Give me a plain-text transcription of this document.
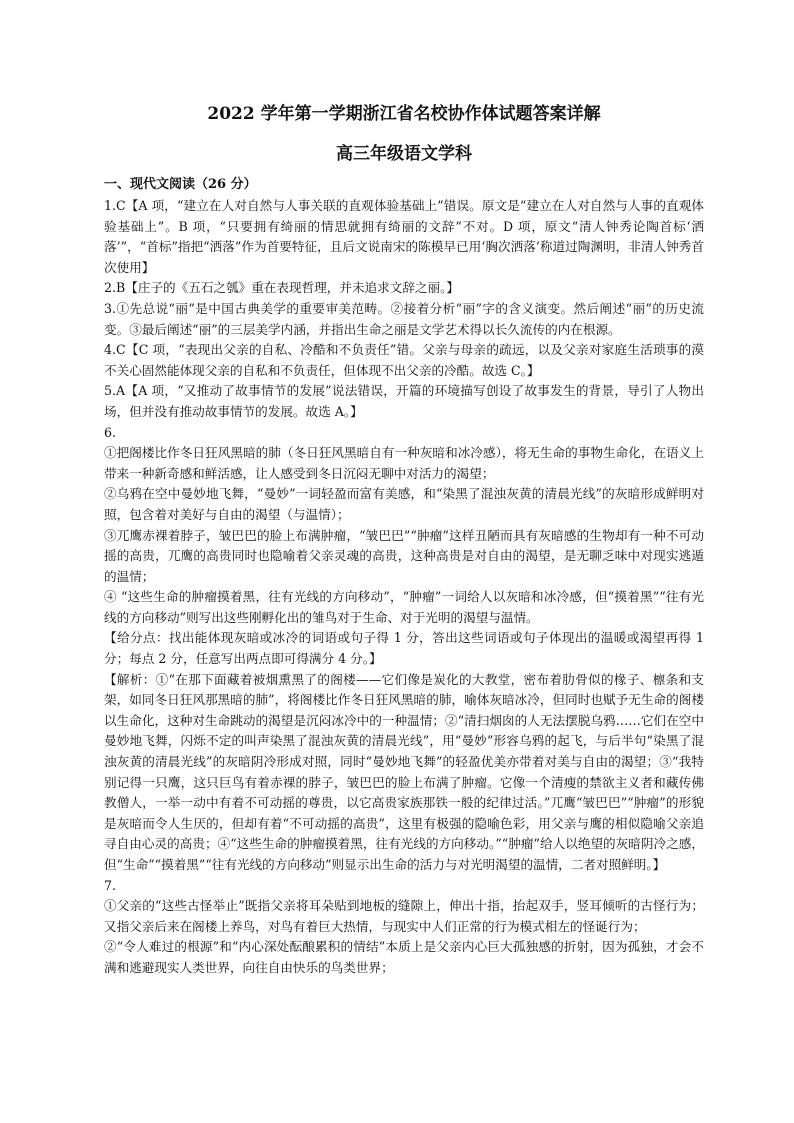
2022 学年第一学期浙江省名校协作体试题答案详解

高三年级语文学科

一、现代文阅读（26 分）

1.C【A 项，“建立在人对自然与人事关联的直观体验基础上”错误。原文是“建立在人对自然与人事的直观体验基础上”。B 项，“只要拥有绮丽的情思就拥有绮丽的文辞”不对。D 项，原文“清人钟秀论陶首标‘洒落’”，“首标”指把“洒落”作为首要特征，且后文说南宋的陈模早已用‘胸次洒落’称道过陶渊明，非清人钟秀首次使用】

2.B【庄子的《五石之瓠》重在表现哲理，并未追求文辞之丽。】

3.①先总说“丽”是中国古典美学的重要审美范畴。②接着分析“丽”字的含义演变。然后阐述“丽”的历史流变。③最后阐述“丽”的三层美学内涵，并指出生命之丽是文学艺术得以长久流传的内在根源。

4.C【C 项，“表现出父亲的自私、冷酷和不负责任”错。父亲与母亲的疏远，以及父亲对家庭生活琐事的漠不关心固然能体现父亲的自私和不负责任，但体现不出父亲的冷酷。故选 C。】

5.A【A 项，“又推动了故事情节的发展”说法错误，开篇的环境描写创设了故事发生的背景，导引了人物出场，但并没有推动故事情节的发展。故选 A。】

6.

①把阁楼比作冬日狂风黑暗的肺（冬日狂风黑暗自有一种灰暗和冰冷感），将无生命的事物生命化，在语义上带来一种新奇感和鲜活感，让人感受到冬日沉闷无聊中对活力的渴望；

②乌鸦在空中曼妙地飞舞，“曼妙”一词轻盈而富有美感，和“染黑了混浊灰黄的清晨光线”的灰暗形成鲜明对照，包含着对美好与自由的渴望（与温情）；

③兀鹰赤裸着脖子，皱巴巴的脸上布满肿瘤，“皱巴巴”“肿瘤”这样丑陋而具有灰暗感的生物却有一种不可动摇的高贵，兀鹰的高贵同时也隐喻着父亲灵魂的高贵，这种高贵是对自由的渴望，是无聊乏味中对现实逃遁的温情；

④ “这些生命的肿瘤摸着黑，往有光线的方向移动”，“肿瘤”一词给人以灰暗和冰冷感，但“摸着黑”“往有光线的方向移动”则写出这些刚孵化出的雏鸟对于生命、对于光明的渴望与温情。

【给分点：找出能体现灰暗或冰冷的词语或句子得 1 分，答出这些词语或句子体现出的温暖或渴望再得 1 分；每点 2 分，任意写出两点即可得满分 4 分。】

【解析：①“在那下面藏着被烟熏黑了的阁楼——它们像是炭化的大教堂，密布着肋骨似的椽子、檩条和支架，如同冬日狂风那黑暗的肺”，将阁楼比作冬日狂风黑暗的肺，喻体灰暗冰冷，但同时也赋予无生命的阁楼以生命化，这种对生命跳动的渴望是沉闷冰冷中的一种温情；②“清扫烟囱的人无法摆脱乌鸦……它们在空中曼妙地飞舞，闪烁不定的叫声染黑了混浊灰黄的清晨光线”，用“曼妙”形容乌鸦的起飞，与后半句“染黑了混浊灰黄的清晨光线”的灰暗阴冷形成对照，同时“曼妙地飞舞”的轻盈优美亦带着对美与自由的渴望；③“我特别记得一只鹰，这只巨鸟有着赤裸的脖子，皱巴巴的脸上布满了肿瘤。它像一个清瘦的禁欲主义者和藏传佛教僧人，一举一动中有着不可动摇的尊贵，以它高贵家族那铁一般的纪律过活。”兀鹰“皱巴巴”“肿瘤”的形貌是灰暗而令人生厌的，但却有着“不可动摇的高贵”，这里有极强的隐喻色彩，用父亲与鹰的相似隐喻父亲追寻自由心灵的高贵；④“这些生命的肿瘤摸着黑，往有光线的方向移动。”“肿瘤”给人以绝望的灰暗阴冷之感，但“生命”“摸着黑”“往有光线的方向移动”则显示出生命的活力与对光明渴望的温情，二者对照鲜明。】

7.

①父亲的“这些古怪举止”既指父亲将耳朵贴到地板的缝隙上，伸出十指，抬起双手，竖耳倾听的古怪行为；又指父亲后来在阁楼上养鸟，对鸟有着巨大热情，与现实中人们正常的行为模式相左的怪诞行为；

②“令人难过的根源”和“内心深处酝酿累积的情结”本质上是父亲内心巨大孤独感的折射，因为孤独，才会不满和逃避现实人类世界，向往自由快乐的鸟类世界；
